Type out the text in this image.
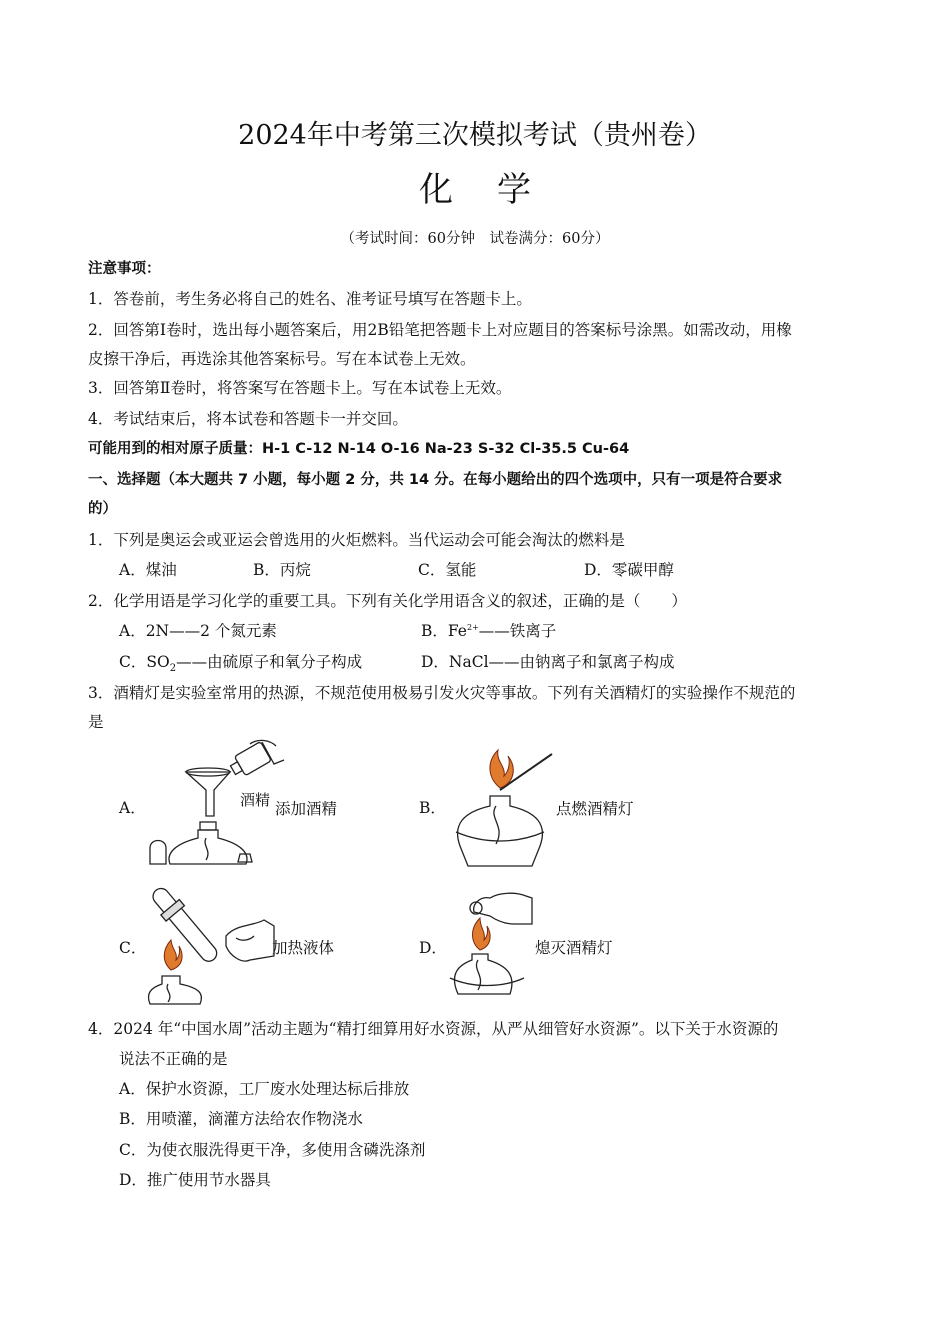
2024年中考第三次模拟考试（贵州卷）
化 学
（考试时间：60分钟　试卷满分：60分）
注意事项：
1．答卷前，考生务必将自己的姓名、准考证号填写在答题卡上。
2．回答第Ⅰ卷时，选出每小题答案后，用2B铅笔把答题卡上对应题目的答案标号涂黑。如需改动，用橡
皮擦干净后，再选涂其他答案标号。写在本试卷上无效。
3．回答第Ⅱ卷时，将答案写在答题卡上。写在本试卷上无效。
4．考试结束后，将本试卷和答题卡一并交回。
可能用到的相对原子质量：H-1 C-12 N-14 O-16 Na-23 S-32 Cl-35.5 Cu-64
一、选择题（本大题共 7 小题，每小题 2 分，共 14 分。在每小题给出的四个选项中，只有一项是符合要求
的）
1．下列是奥运会或亚运会曾选用的火炬燃料。当代运动会可能会淘汰的燃料是
A．煤油	B．丙烷	C．氢能	D．零碳甲醇
2．化学用语是学习化学的重要工具。下列有关化学用语含义的叙述，正确的是（　　）
A．2N——2 个氮元素	B．$Fe^{2+}——$铁离子
C．$SO_2——$由硫原子和氧分子构成	D．NaCl——由钠离子和氯离子构成
3．酒精灯是实验室常用的热源，不规范使用极易引发火灾等事故。下列有关酒精灯的实验操作不规范的
是
A．	酒精 添加酒精	B．	点燃酒精灯
C．	加热液体	D．	熄灭酒精灯
4．2024 年“中国水周”活动主题为“精打细算用好水资源，从严从细管好水资源”。以下关于水资源的
说法不正确的是
A．保护水资源，工厂废水处理达标后排放
B．用喷灌，滴灌方法给农作物浇水
C．为使衣服洗得更干净，多使用含磷洗涤剂
D．推广使用节水器具
